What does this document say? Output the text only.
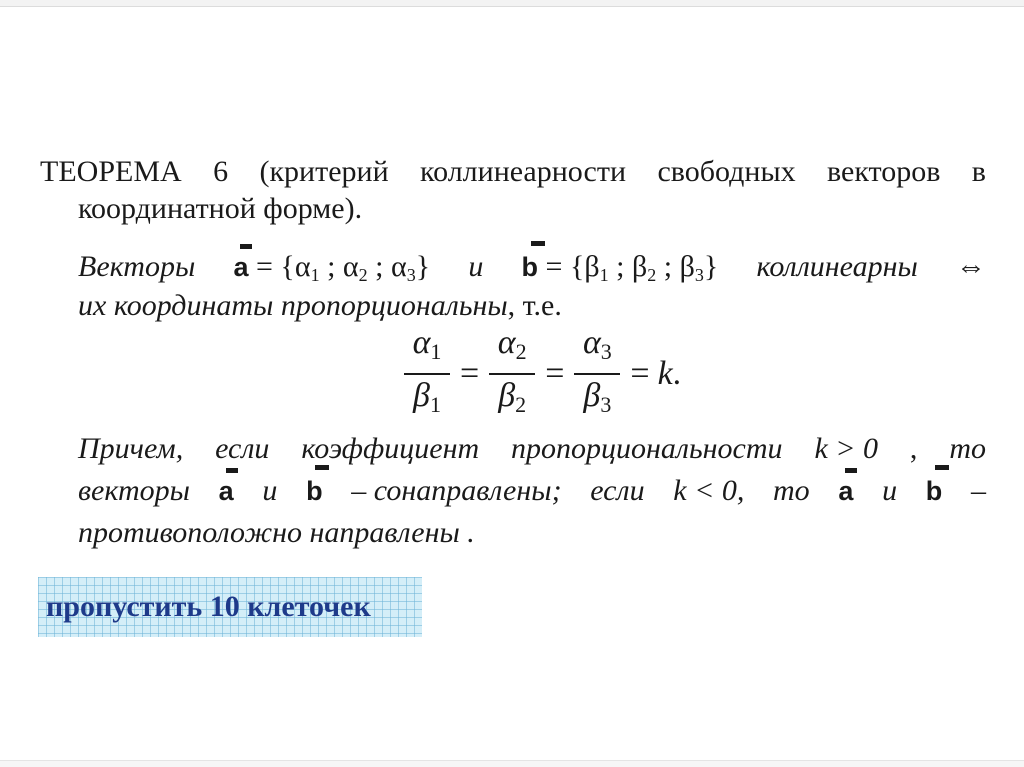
ТЕОРЕМА 6 (критерий коллинеарности свободных векторов в
координатной форме).
Векторы $a = \{\alpha_1$ ; $\alpha_2$ ; $\alpha_3$} и $b = \{\beta_1$ ; $\beta_2$ ; $\beta_3$} коллинеарны ⇔
их координаты пропорциональны, т.е.
$\frac{\alpha_1}{\beta_1} = \frac{\alpha_2}{\beta_2} = \frac{\alpha_3}{\beta_3} = k$ .
Причем, если коэффициент пропорциональности k > 0 , то
векторы a и b – сонаправлены; если k < 0, то a и b –
противоположно направлены .
пропустить 10 клеточек
